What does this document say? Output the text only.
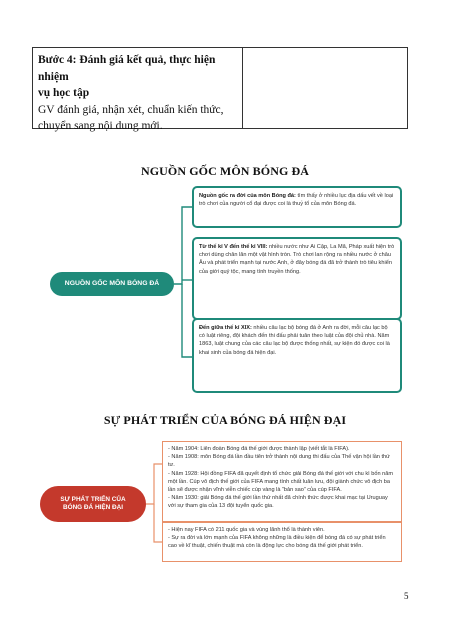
Bước 4: Đánh giá kết quả, thực hiện nhiệm
vụ học tập
GV đánh giá, nhận xét, chuẩn kiến thức,
chuyển sang nội dung mới.
NGUỒN GỐC MÔN BÓNG ĐÁ
NGUỒN GỐC MÔN BÓNG ĐÁ
Nguồn gốc ra đời của môn Bóng đá: tìm thấy ở nhiều lục địa dấu vết về loại trò chơi của người cổ đại được coi là thuỷ tổ của môn Bóng đá.
Từ thế kỉ V đến thế kỉ VIII: nhiều nước như Ai Cập, La Mã, Pháp xuất hiện trò chơi dùng chân lăn một vật hình tròn. Trò chơi lan rộng ra nhiều nước ở châu Âu và phát triển mạnh tại nước Anh, ở đây bóng đá đã trở thành trò tiêu khiển của giới quý tộc, mang tính truyền thống.
Đến giữa thế kỉ XIX: nhiều câu lạc bộ bóng đá ở Anh ra đời, mỗi câu lạc bộ có luật riêng, đội khách đến thi đấu phải tuân theo luật của đội chủ nhà. Năm 1863, luật chung của các câu lạc bộ được thống nhất, sự kiện đó được coi là khai sinh của bóng đá hiện đại.
SỰ PHÁT TRIỂN CỦA BÓNG ĐÁ HIỆN ĐẠI
SỰ PHÁT TRIỂN CỦA
BÓNG ĐÁ HIỆN ĐẠI
- Năm 1904: Liên đoàn Bóng đá thế giới được thành lập (viết tắt là FIFA).
- Năm 1908: môn Bóng đá lần đầu tiên trở thành nội dung thi đấu của Thế vận hội lần thứ tư.
- Năm 1928: Hội đồng FIFA đã quyết định tổ chức giải Bóng đá thế giới với chu kì bốn năm một lần. Cúp vô địch thế giới của FIFA mang tính chất luân lưu, đội giành chức vô địch ba lần sẽ được nhận vĩnh viễn chiếc cúp vàng là “bản sao” của cúp FIFA.
- Năm 1930: giải Bóng đá thế giới lần thứ nhất đã chính thức được khai mạc tại Uruguay với sự tham gia của 13 đội tuyển quốc gia.
- Hiện nay FIFA có 211 quốc gia và vùng lãnh thổ là thành viên.
- Sự ra đời và lớn mạnh của FIFA không những là điều kiện để bóng đá có sự phát triển cao về kĩ thuật, chiến thuật mà còn là động lực cho bóng đá thế giới phát triển.
5
